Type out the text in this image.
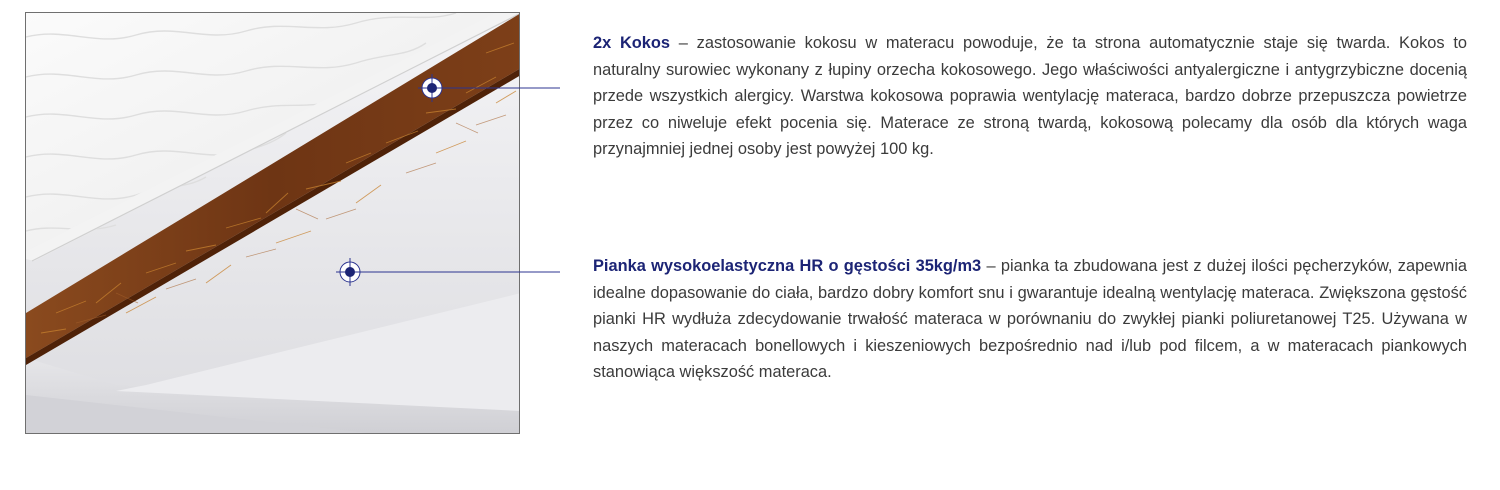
2x Kokos – zastosowanie kokosu w materacu powoduje, że ta strona automatycznie staje się twarda. Kokos to naturalny surowiec wykonany z łupiny orzecha kokosowego. Jego właściwości antyalergiczne i antygrzybiczne docenią przede wszystkich alergicy. Warstwa kokosowa poprawia wentylację materaca, bardzo dobrze przepuszcza powietrze przez co niweluje efekt pocenia się. Materace ze stroną twardą, kokosową polecamy dla osób dla których waga przynajmniej jednej osoby jest powyżej 100 kg.
Pianka wysokoelastyczna HR o gęstości 35kg/m3 – pianka ta zbudowana jest z dużej ilości pęcherzyków, zapewnia idealne dopasowanie do ciała, bardzo dobry komfort snu i gwarantuje idealną wentylację materaca. Zwiększona gęstość pianki HR wydłuża zdecydowanie trwałość materaca w porównaniu do zwykłej pianki poliuretanowej T25. Używana w naszych materacach bonellowych i kieszeniowych bezpośrednio nad i/lub pod filcem, a w materacach piankowych stanowiąca większość materaca.
